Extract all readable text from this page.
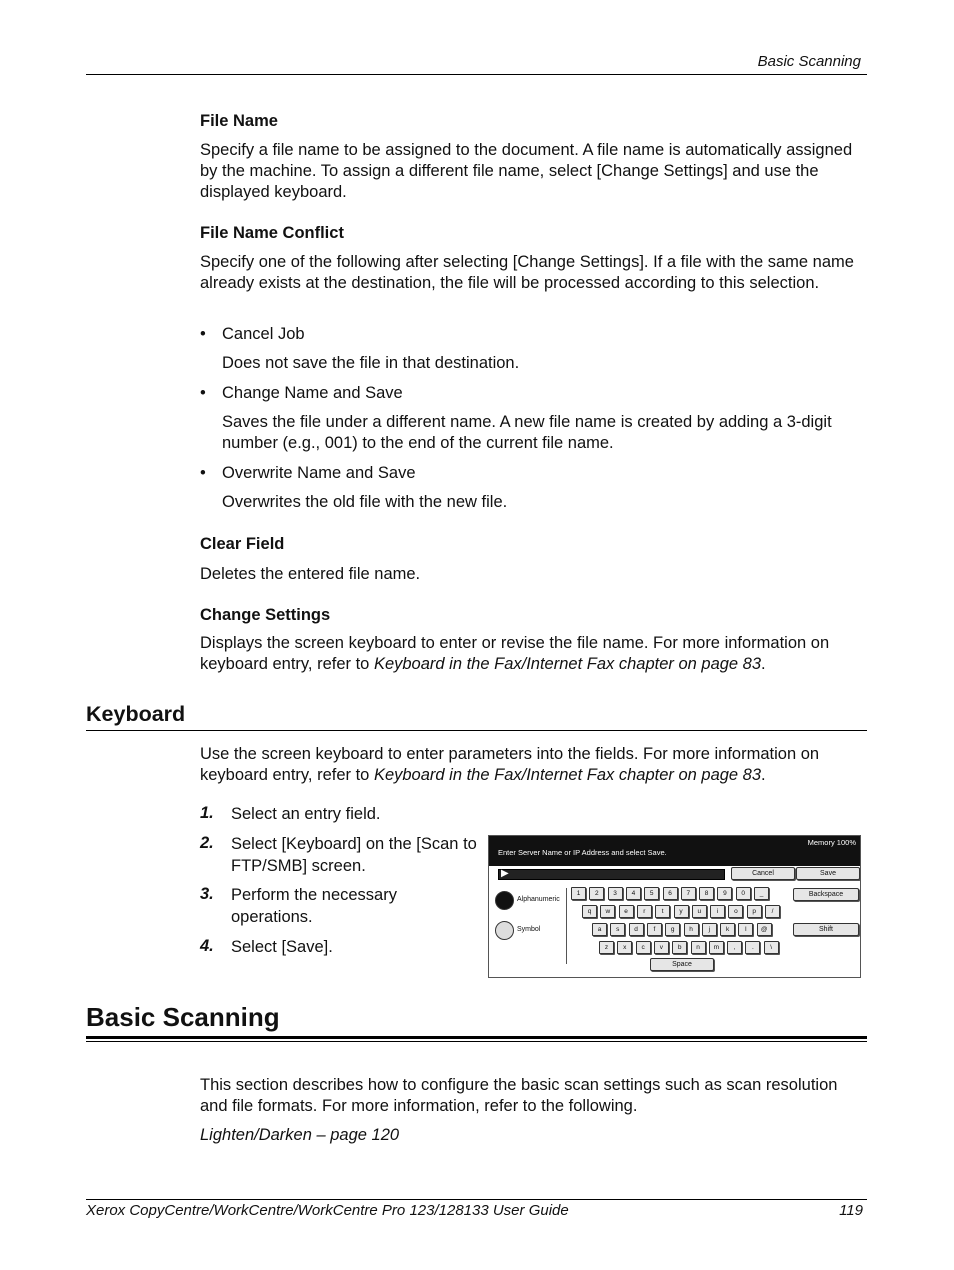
Basic Scanning
File Name
Specify a file name to be assigned to the document. A file name is automatically assigned by the machine. To assign a different file name, select [Change Settings] and use the displayed keyboard.
File Name Conflict
Specify one of the following after selecting [Change Settings]. If a file with the same name already exists at the destination, the file will be processed according to this selection.
• Cancel Job
Does not save the file in that destination.
• Change Name and Save
Saves the file under a different name. A new file name is created by adding a 3-digit number (e.g., 001) to the end of the current file name.
• Overwrite Name and Save
Overwrites the old file with the new file.
Clear Field
Deletes the entered file name.
Change Settings
Displays the screen keyboard to enter or revise the file name. For more information on keyboard entry, refer to Keyboard in the Fax/Internet Fax chapter on page 83.
Keyboard
Use the screen keyboard to enter parameters into the fields. For more information on keyboard entry, refer to Keyboard in the Fax/Internet Fax chapter on page 83.
1. Select an entry field.
2. Select [Keyboard] on the [Scan to FTP/SMB] screen.
3. Perform the necessary operations.
4. Select [Save].
Enter Server Name or IP Address and select Save.
Memory 100%
▶	Cancel	Save
Alphanumeric
Symbol
1	2	3	4	5	6	7	8	9	0	_
q	w	e	r	t	y	u	i	o	p	/
a	s	d	f	g	h	j	k	l	@
z	x	c	v	b	n	m	,	.	\
Backspace
Shift
Space
Basic Scanning
This section describes how to configure the basic scan settings such as scan resolution and file formats. For more information, refer to the following.
Lighten/Darken – page 120
Xerox CopyCentre/WorkCentre/WorkCentre Pro 123/128133 User Guide	119
